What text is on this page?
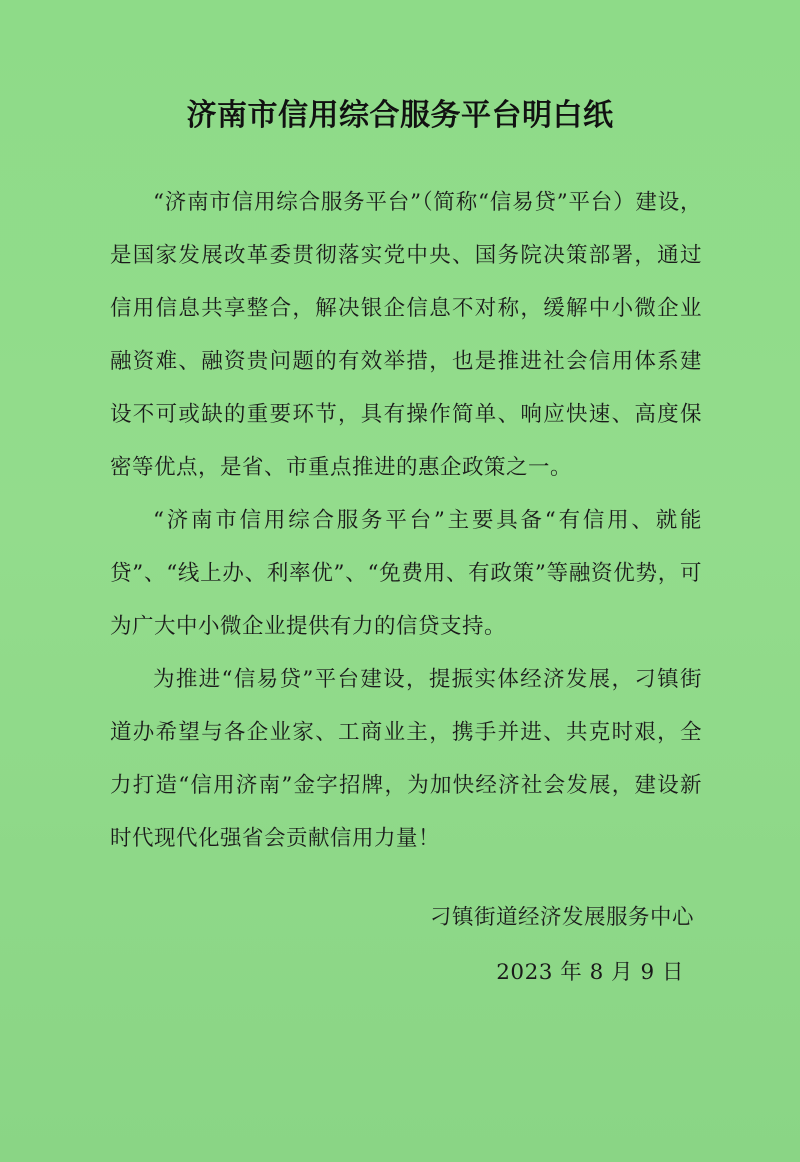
济南市信用综合服务平台明白纸

“济南市信用综合服务平台”（简称“信易贷”平台）建设，是国家发展改革委贯彻落实党中央、国务院决策部署，通过信用信息共享整合，解决银企信息不对称，缓解中小微企业融资难、融资贵问题的有效举措，也是推进社会信用体系建设不可或缺的重要环节，具有操作简单、响应快速、高度保密等优点，是省、市重点推进的惠企政策之一。

“济南市信用综合服务平台”主要具备“有信用、就能贷”、“线上办、利率优”、“免费用、有政策”等融资优势，可为广大中小微企业提供有力的信贷支持。

为推进“信易贷”平台建设，提振实体经济发展，刁镇街道办希望与各企业家、工商业主，携手并进、共克时艰，全力打造“信用济南”金字招牌，为加快经济社会发展，建设新时代现代化强省会贡献信用力量！

刁镇街道经济发展服务中心
2023 年 8 月 9 日
